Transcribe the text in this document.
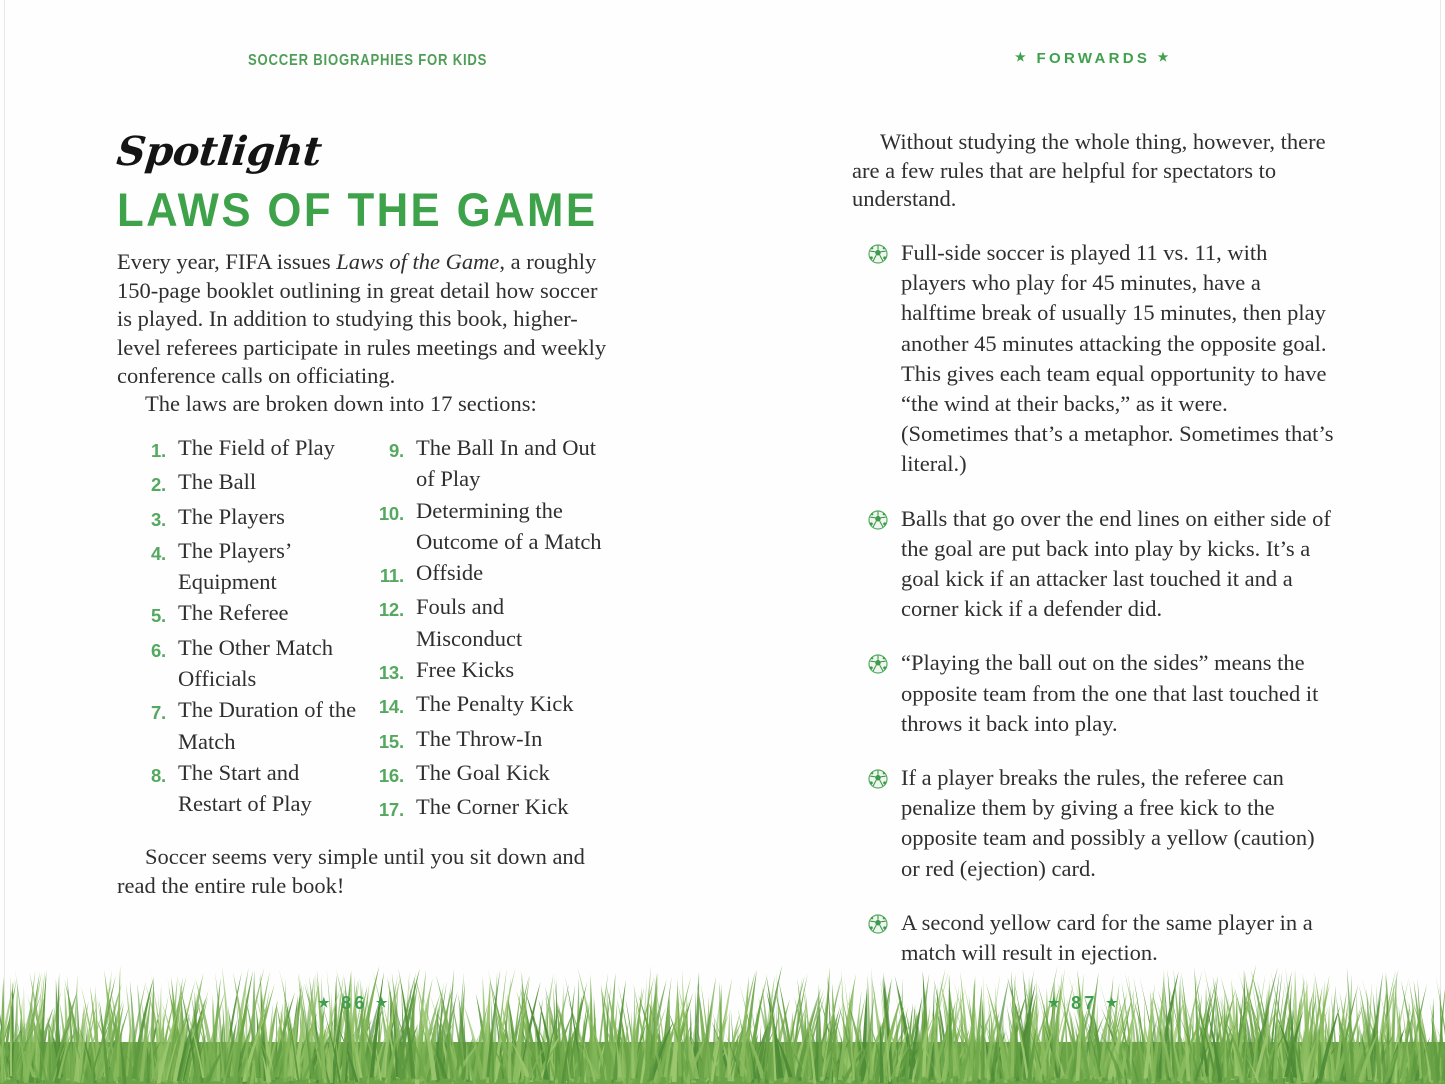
SOCCER BIOGRAPHIES FOR KIDS	★ FORWARDS ★
Spotlight
LAWS OF THE GAME
Every year, FIFA issues Laws of the Game, a roughly 150-page booklet outlining in great detail how soccer is played. In addition to studying this book, higher-level referees participate in rules meetings and weekly conference calls on officiating.
The laws are broken down into 17 sections:
1. The Field of Play
2. The Ball
3. The Players
4. The Players’ Equipment
5. The Referee
6. The Other Match Officials
7. The Duration of the Match
8. The Start and Restart of Play
9. The Ball In and Out of Play
10. Determining the Outcome of a Match
11. Offside
12. Fouls and Misconduct
13. Free Kicks
14. The Penalty Kick
15. The Throw-In
16. The Goal Kick
17. The Corner Kick
Soccer seems very simple until you sit down and read the entire rule book!
Without studying the whole thing, however, there are a few rules that are helpful for spectators to understand.
Full-side soccer is played 11 vs. 11, with players who play for 45 minutes, have a halftime break of usually 15 minutes, then play another 45 minutes attacking the opposite goal. This gives each team equal opportunity to have “the wind at their backs,” as it were. (Sometimes that’s a metaphor. Sometimes that’s literal.)
Balls that go over the end lines on either side of the goal are put back into play by kicks. It’s a goal kick if an attacker last touched it and a corner kick if a defender did.
“Playing the ball out on the sides” means the opposite team from the one that last touched it throws it back into play.
If a player breaks the rules, the referee can penalize them by giving a free kick to the opposite team and possibly a yellow (caution) or red (ejection) card.
A second yellow card for the same player in a match will result in ejection.
★ 86 ★	★ 87 ★
